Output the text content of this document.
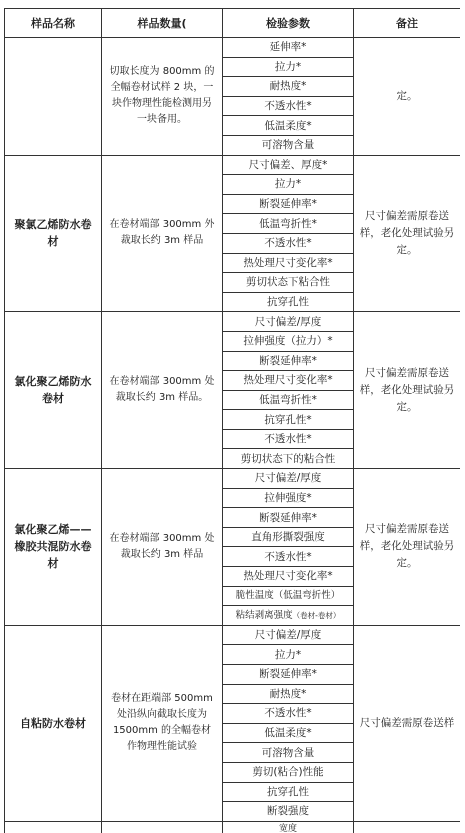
样品名称	样品数量(	检验参数	备注
	切取长度为 800mm 的全幅卷材试样 2 块，一块作物理性能检测用另一块备用。	延伸率*	定。
		拉力*	
		耐热度*	
		不透水性*	
		低温柔度*	
		可溶物含量	
聚氯乙烯防水卷材	在卷材端部 300mm 外裁取长约 3m 样品	尺寸偏差、厚度*	尺寸偏差需原卷送样，老化处理试验另定。
		拉力*	
		断裂延伸率*	
		低温弯折性*	
		不透水性*	
		热处理尺寸变化率*	
		剪切状态下粘合性	
		抗穿孔性	
氯化聚乙烯防水卷材	在卷材端部 300mm 处裁取长约 3m 样品。	尺寸偏差/厚度	尺寸偏差需原卷送样，老化处理试验另定。
		拉伸强度（拉力）*	
		断裂延伸率*	
		热处理尺寸变化率*	
		低温弯折性*	
		抗穿孔性*	
		不透水性*	
		剪切状态下的粘合性	
氯化聚乙烯——橡胶共混防水卷材	在卷材端部 300mm 处裁取长约 3m 样品	尺寸偏差/厚度	尺寸偏差需原卷送样，老化处理试验另定。
		拉伸强度*	
		断裂延伸率*	
		直角形撕裂强度	
		不透水性*	
		热处理尺寸变化率*	
		脆性温度（低温弯折性）	
		粘结剥离强度（卷材-卷材）	
自粘防水卷材	卷材在距端部 500mm 处沿纵向截取长度为 1500mm 的全幅卷材作物理性能试验	尺寸偏差/厚度	尺寸偏差需原卷送样
		拉力*	
		断裂延伸率*	
		耐热度*	
		不透水性*	
		低温柔度*	
		可溶物含量	
		剪切(粘合)性能	
		抗穿孔性	
		断裂强度	
		宽度	
